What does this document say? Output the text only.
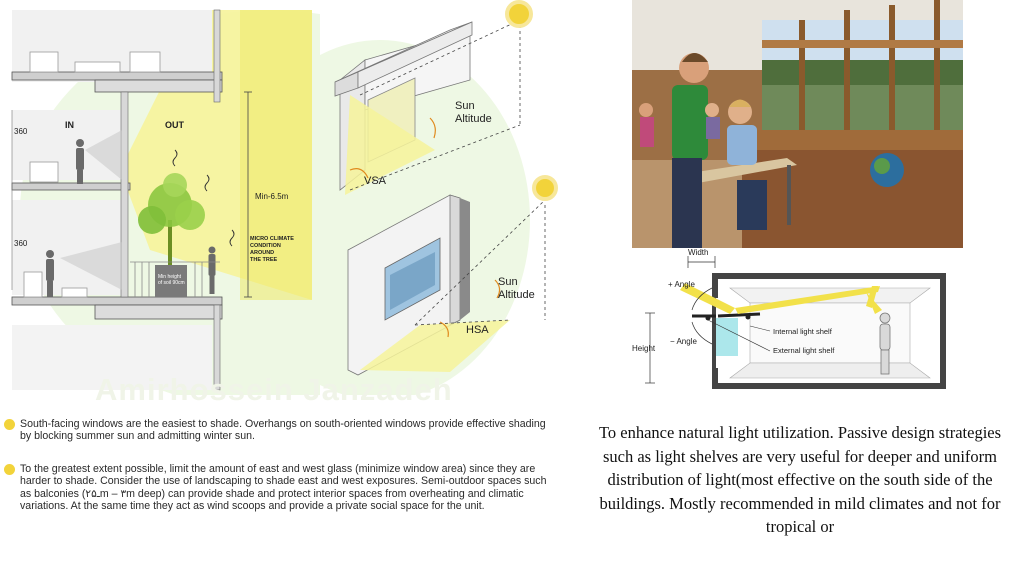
IN	OUT
360
360
Min-6.5m
MICRO CLIMATE
CONDITION
AROUND
THE TREE
Min height
of soil 90cm
Sun
Altitude
VSA
Sun
Altitude
HSA
Amirhossein Janzadeh
South-facing windows are the easiest to shade. Overhangs on south-oriented windows provide effective shading by blocking summer sun and admitting winter sun.
To the greatest extent possible, limit the amount of east and west glass (minimize window area) since they are harder to shade. Consider the use of landscaping to shade east and west exposures. Semi-outdoor spaces such as balconies (۲ـ۵m – ۳m deep) can provide shade and protect interior spaces from overheating and climatic variations. At the same time they act as wind scoops and provide a private social space for the unit.
Width
+ Angle
− Angle
Height
Internal light shelf
External light shelf
To enhance natural light utilization. Passive design strategies such as light shelves are very useful for deeper and uniform distribution of light(most effective on the south side of the buildings. Mostly recommended in mild climates and not for tropical or
